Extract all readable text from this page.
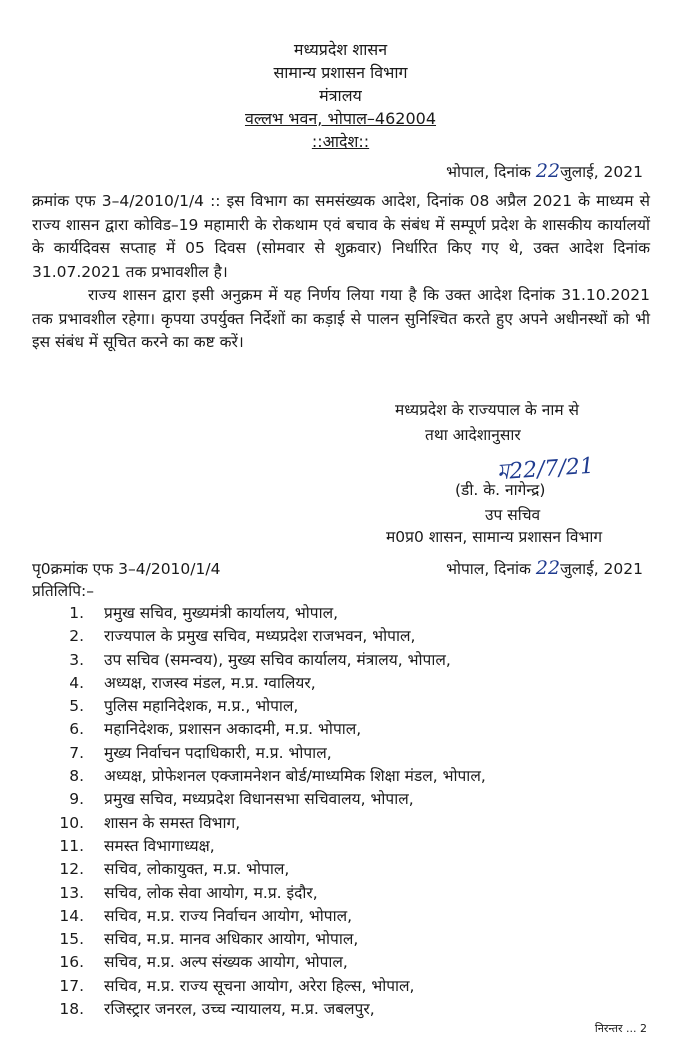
मध्यप्रदेश शासन
सामान्य प्रशासन विभाग
मंत्रालय
वल्लभ भवन, भोपाल–462004
::आदेश::
भोपाल, दिनांक 22जुलाई, 2021

क्रमांक एफ 3–4/2010/1/4 :: इस विभाग का समसंख्यक आदेश, दिनांक 08 अप्रैल 2021 के माध्यम से राज्य शासन द्वारा कोविड–19 महामारी के रोकथाम एवं बचाव के संबंध में सम्पूर्ण प्रदेश के शासकीय कार्यालयों के कार्यदिवस सप्ताह में 05 दिवस (सोमवार से शुक्रवार) निर्धारित किए गए थे, उक्त आदेश दिनांक 31.07.2021 तक प्रभावशील है।

राज्य शासन द्वारा इसी अनुक्रम में यह निर्णय लिया गया है कि उक्त आदेश दिनांक 31.10.2021 तक प्रभावशील रहेगा। कृपया उपर्युक्त निर्देशों का कड़ाई से पालन सुनिश्चित करते हुए अपने अधीनस्थों को भी इस संबंध में सूचित करने का कष्ट करें।

मध्यप्रदेश के राज्यपाल के नाम से
तथा आदेशानुसार
ম22/7/21
(डी. के. नागेन्द्र)
उप सचिव
म0प्र0 शासन, सामान्य प्रशासन विभाग
पृ0क्रमांक एफ 3–4/2010/1/4	भोपाल, दिनांक 22जुलाई, 2021
प्रतिलिपि:–
1. प्रमुख सचिव, मुख्यमंत्री कार्यालय, भोपाल,
2. राज्यपाल के प्रमुख सचिव, मध्यप्रदेश राजभवन, भोपाल,
3. उप सचिव (समन्वय), मुख्य सचिव कार्यालय, मंत्रालय, भोपाल,
4. अध्यक्ष, राजस्व मंडल, म.प्र. ग्वालियर,
5. पुलिस महानिदेशक, म.प्र., भोपाल,
6. महानिदेशक, प्रशासन अकादमी, म.प्र. भोपाल,
7. मुख्य निर्वाचन पदाधिकारी, म.प्र. भोपाल,
8. अध्यक्ष, प्रोफेशनल एक्जामनेशन बोर्ड/माध्यमिक शिक्षा मंडल, भोपाल,
9. प्रमुख सचिव, मध्यप्रदेश विधानसभा सचिवालय, भोपाल,
10. शासन के समस्त विभाग,
11. समस्त विभागाध्यक्ष,
12. सचिव, लोकायुक्त, म.प्र. भोपाल,
13. सचिव, लोक सेवा आयोग, म.प्र. इंदौर,
14. सचिव, म.प्र. राज्य निर्वाचन आयोग, भोपाल,
15. सचिव, म.प्र. मानव अधिकार आयोग, भोपाल,
16. सचिव, म.प्र. अल्प संख्यक आयोग, भोपाल,
17. सचिव, म.प्र. राज्य सूचना आयोग, अरेरा हिल्स, भोपाल,
18. रजिस्ट्रार जनरल, उच्च न्यायालय, म.प्र. जबलपुर,
निरन्तर ... 2
